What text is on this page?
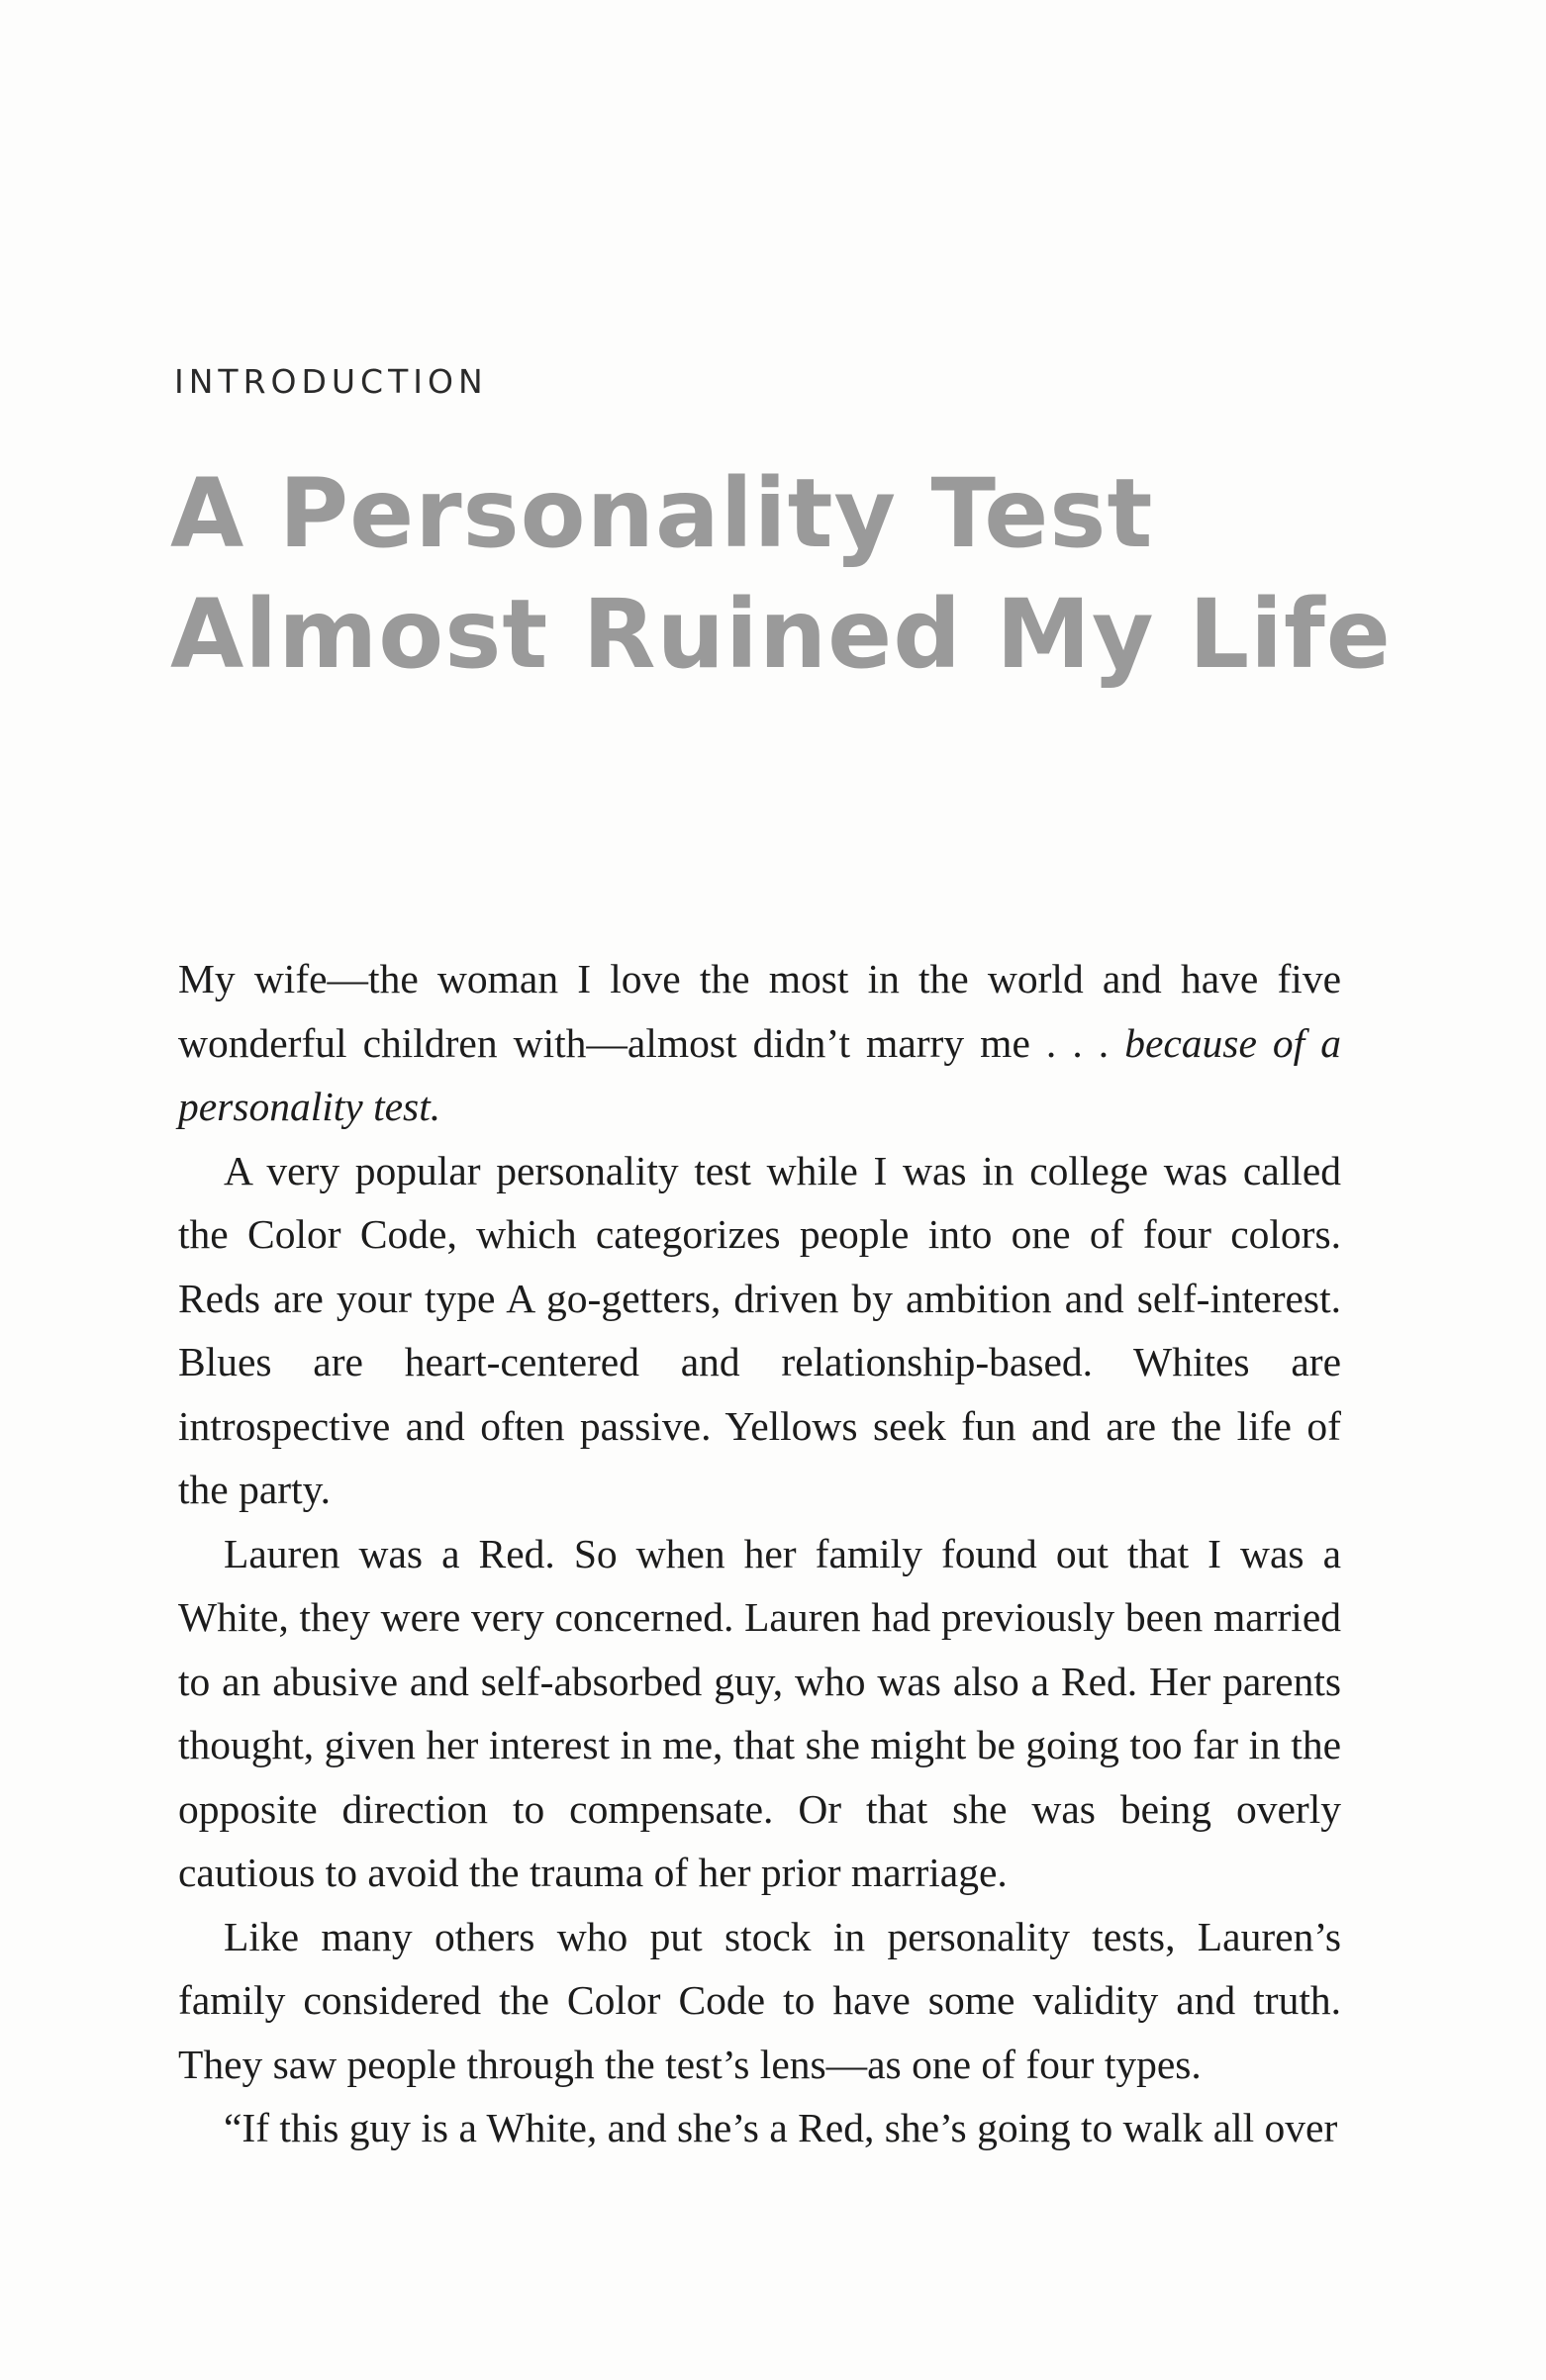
INTRODUCTION
A Personality Test
Almost Ruined My Life

My wife—the woman I love the most in the world and have five wonderful children with—almost didn’t marry me . . . because of a personality test.

A very popular personality test while I was in college was called the Color Code, which categorizes people into one of four colors. Reds are your type A go-getters, driven by ambition and self-interest. Blues are heart-centered and relationship-based. Whites are introspective and often passive. Yellows seek fun and are the life of the party.

Lauren was a Red. So when her family found out that I was a White, they were very concerned. Lauren had previously been married to an abusive and self-absorbed guy, who was also a Red. Her parents thought, given her interest in me, that she might be going too far in the opposite direction to compensate. Or that she was being overly cautious to avoid the trauma of her prior marriage.

Like many others who put stock in personality tests, Lauren’s family considered the Color Code to have some validity and truth. They saw people through the test’s lens—as one of four types.

“If this guy is a White, and she’s a Red, she’s going to walk all over
